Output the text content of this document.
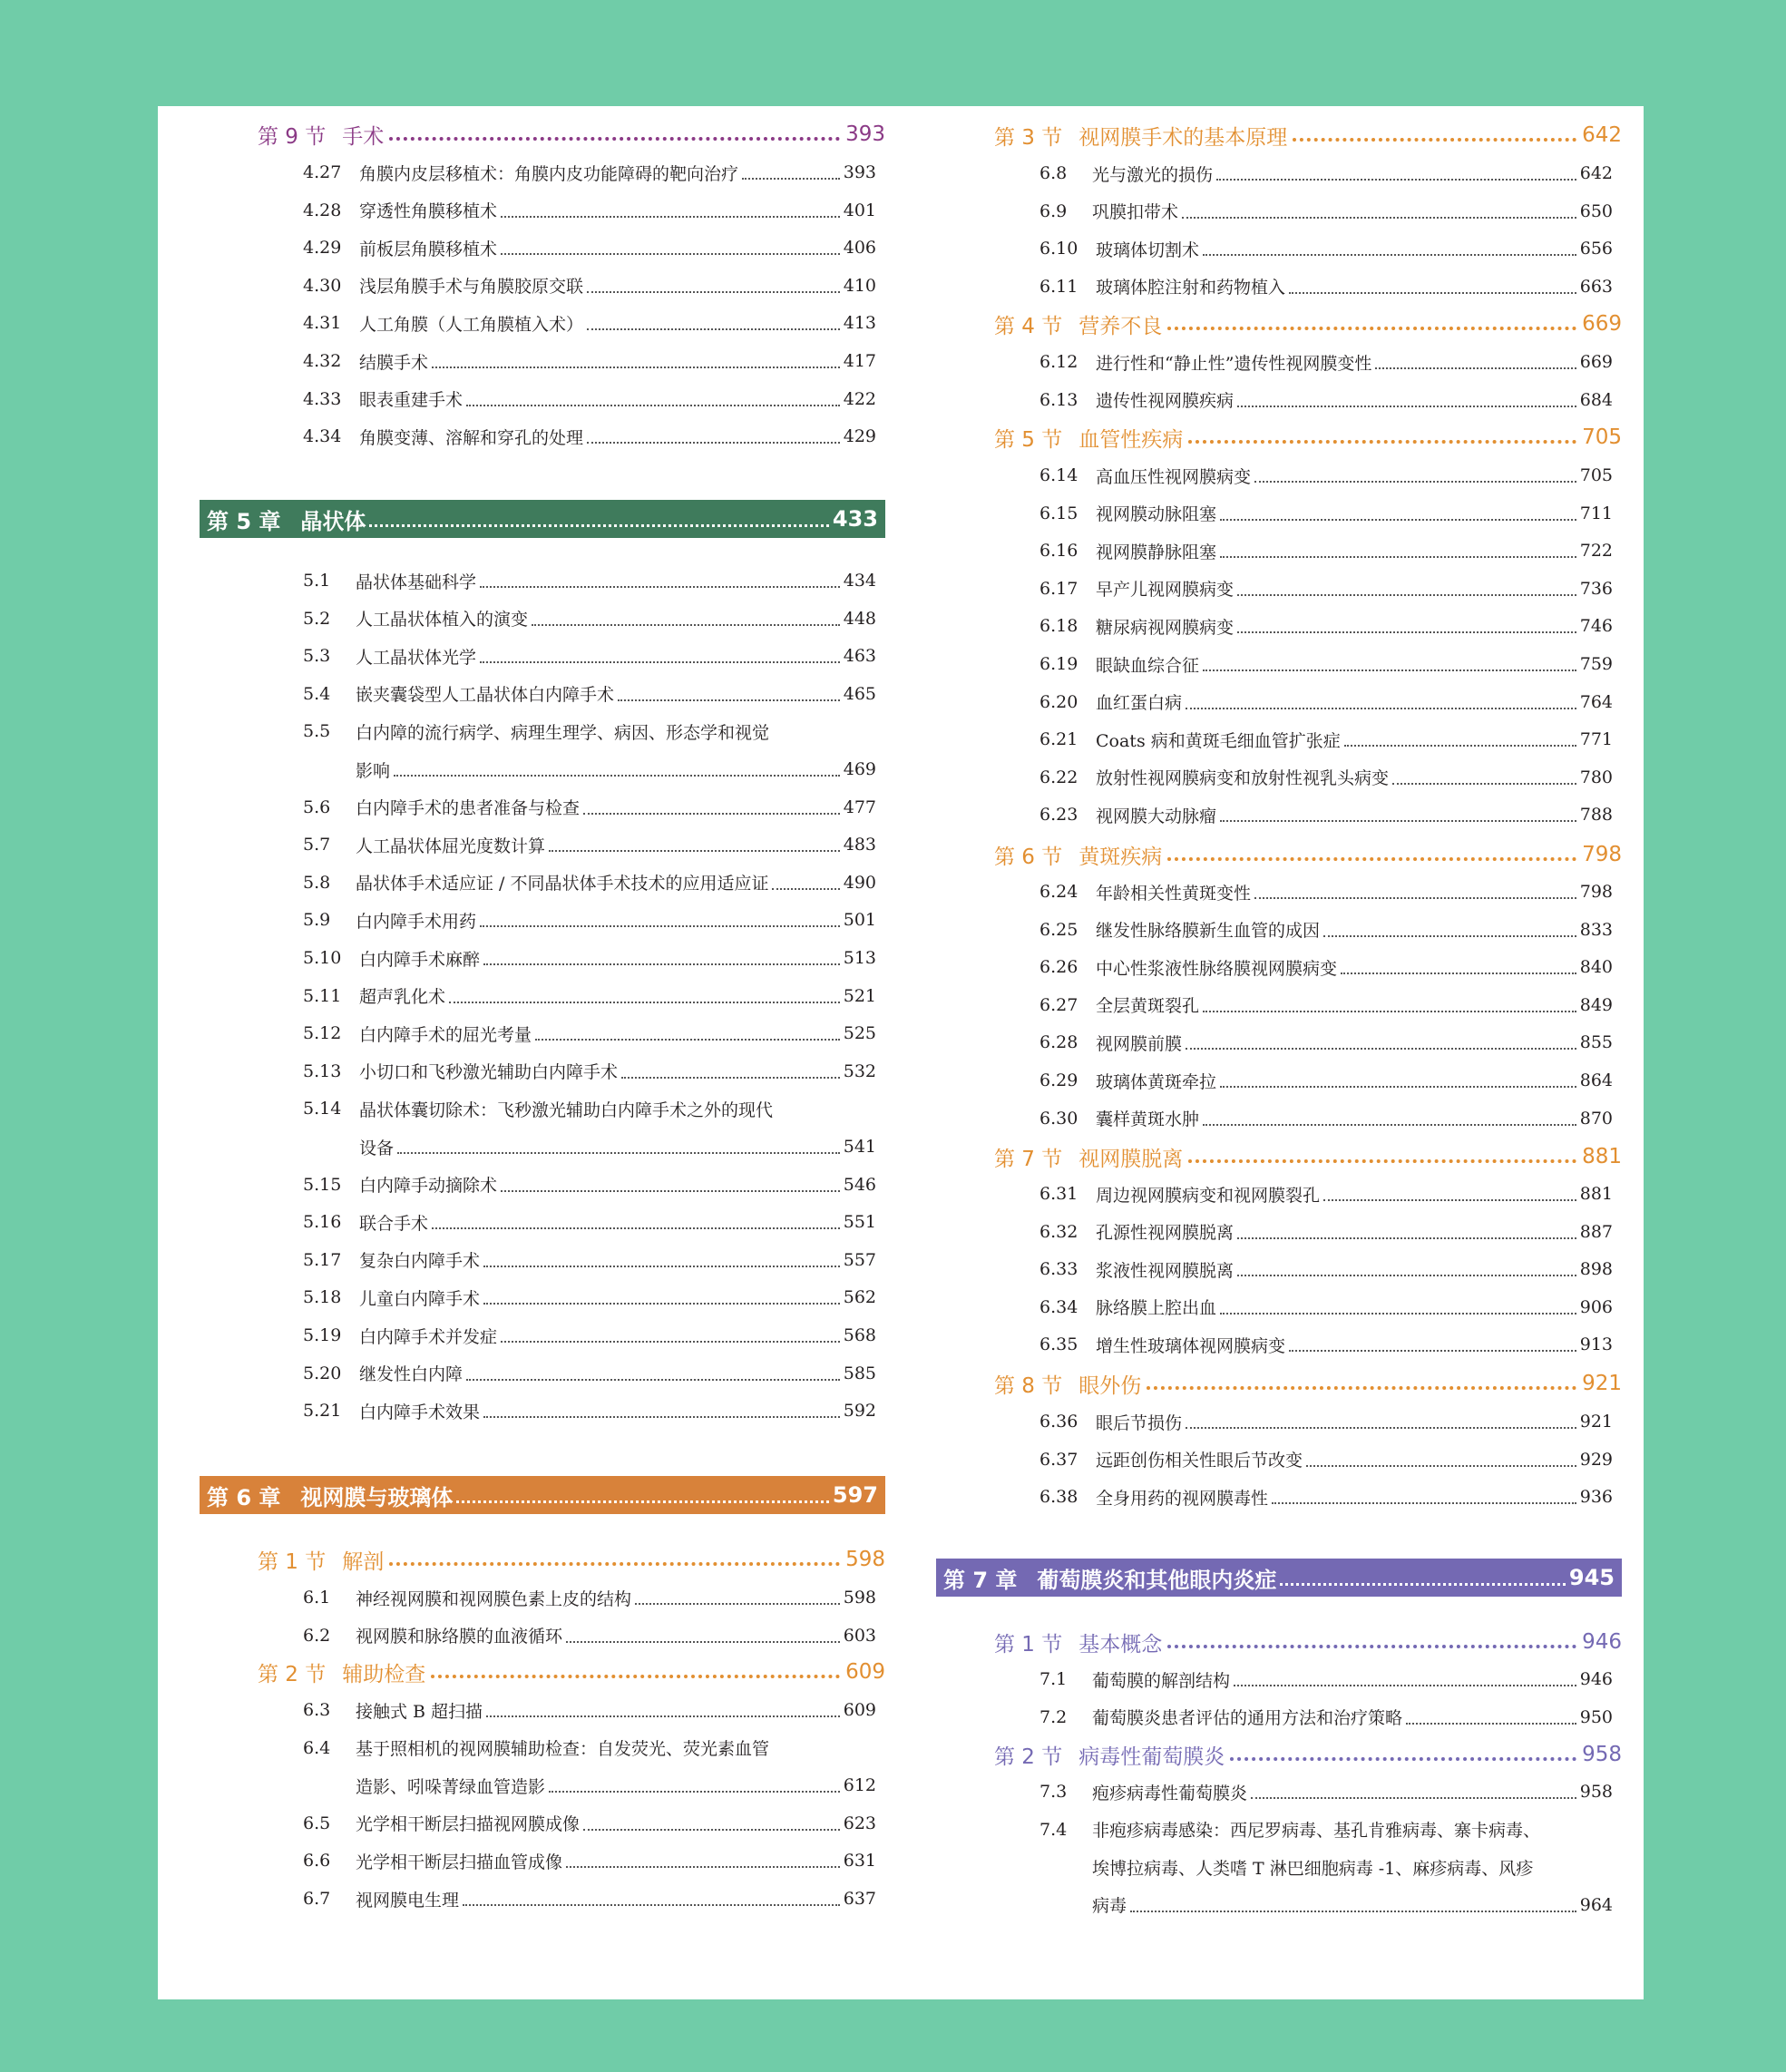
第 9 节 手术	393
4.27	角膜内皮层移植术：角膜内皮功能障碍的靶向治疗	393
4.28	穿透性角膜移植术	401
4.29	前板层角膜移植术	406
4.30	浅层角膜手术与角膜胶原交联	410
4.31	人工角膜（人工角膜植入术）	413
4.32	结膜手术	417
4.33	眼表重建手术	422
4.34	角膜变薄、溶解和穿孔的处理	429
第 5 章 晶状体	433
5.1	晶状体基础科学	434
5.2	人工晶状体植入的演变	448
5.3	人工晶状体光学	463
5.4	嵌夹囊袋型人工晶状体白内障手术	465
5.5	白内障的流行病学、病理生理学、病因、形态学和视觉
影响	469
5.6	白内障手术的患者准备与检查	477
5.7	人工晶状体屈光度数计算	483
5.8	晶状体手术适应证 / 不同晶状体手术技术的应用适应证	490
5.9	白内障手术用药	501
5.10	白内障手术麻醉	513
5.11	超声乳化术	521
5.12	白内障手术的屈光考量	525
5.13	小切口和飞秒激光辅助白内障手术	532
5.14	晶状体囊切除术：飞秒激光辅助白内障手术之外的现代
设备	541
5.15	白内障手动摘除术	546
5.16	联合手术	551
5.17	复杂白内障手术	557
5.18	儿童白内障手术	562
5.19	白内障手术并发症	568
5.20	继发性白内障	585
5.21	白内障手术效果	592
第 6 章 视网膜与玻璃体	597
第 1 节 解剖	598
6.1	神经视网膜和视网膜色素上皮的结构	598
6.2	视网膜和脉络膜的血液循环	603
第 2 节 辅助检查	609
6.3	接触式 B 超扫描	609
6.4	基于照相机的视网膜辅助检查：自发荧光、荧光素血管
造影、吲哚菁绿血管造影	612
6.5	光学相干断层扫描视网膜成像	623
6.6	光学相干断层扫描血管成像	631
6.7	视网膜电生理	637
第 3 节 视网膜手术的基本原理	642
6.8	光与激光的损伤	642
6.9	巩膜扣带术	650
6.10	玻璃体切割术	656
6.11	玻璃体腔注射和药物植入	663
第 4 节 营养不良	669
6.12	进行性和“静止性”遗传性视网膜变性	669
6.13	遗传性视网膜疾病	684
第 5 节 血管性疾病	705
6.14	高血压性视网膜病变	705
6.15	视网膜动脉阻塞	711
6.16	视网膜静脉阻塞	722
6.17	早产儿视网膜病变	736
6.18	糖尿病视网膜病变	746
6.19	眼缺血综合征	759
6.20	血红蛋白病	764
6.21	Coats 病和黄斑毛细血管扩张症	771
6.22	放射性视网膜病变和放射性视乳头病变	780
6.23	视网膜大动脉瘤	788
第 6 节 黄斑疾病	798
6.24	年龄相关性黄斑变性	798
6.25	继发性脉络膜新生血管的成因	833
6.26	中心性浆液性脉络膜视网膜病变	840
6.27	全层黄斑裂孔	849
6.28	视网膜前膜	855
6.29	玻璃体黄斑牵拉	864
6.30	囊样黄斑水肿	870
第 7 节 视网膜脱离	881
6.31	周边视网膜病变和视网膜裂孔	881
6.32	孔源性视网膜脱离	887
6.33	浆液性视网膜脱离	898
6.34	脉络膜上腔出血	906
6.35	增生性玻璃体视网膜病变	913
第 8 节 眼外伤	921
6.36	眼后节损伤	921
6.37	远距创伤相关性眼后节改变	929
6.38	全身用药的视网膜毒性	936
第 7 章 葡萄膜炎和其他眼内炎症	945
第 1 节 基本概念	946
7.1	葡萄膜的解剖结构	946
7.2	葡萄膜炎患者评估的通用方法和治疗策略	950
第 2 节 病毒性葡萄膜炎	958
7.3	疱疹病毒性葡萄膜炎	958
7.4	非疱疹病毒感染：西尼罗病毒、基孔肯雅病毒、寨卡病毒、
埃博拉病毒、人类嗜 T 淋巴细胞病毒 -1、麻疹病毒、风疹
病毒	964
